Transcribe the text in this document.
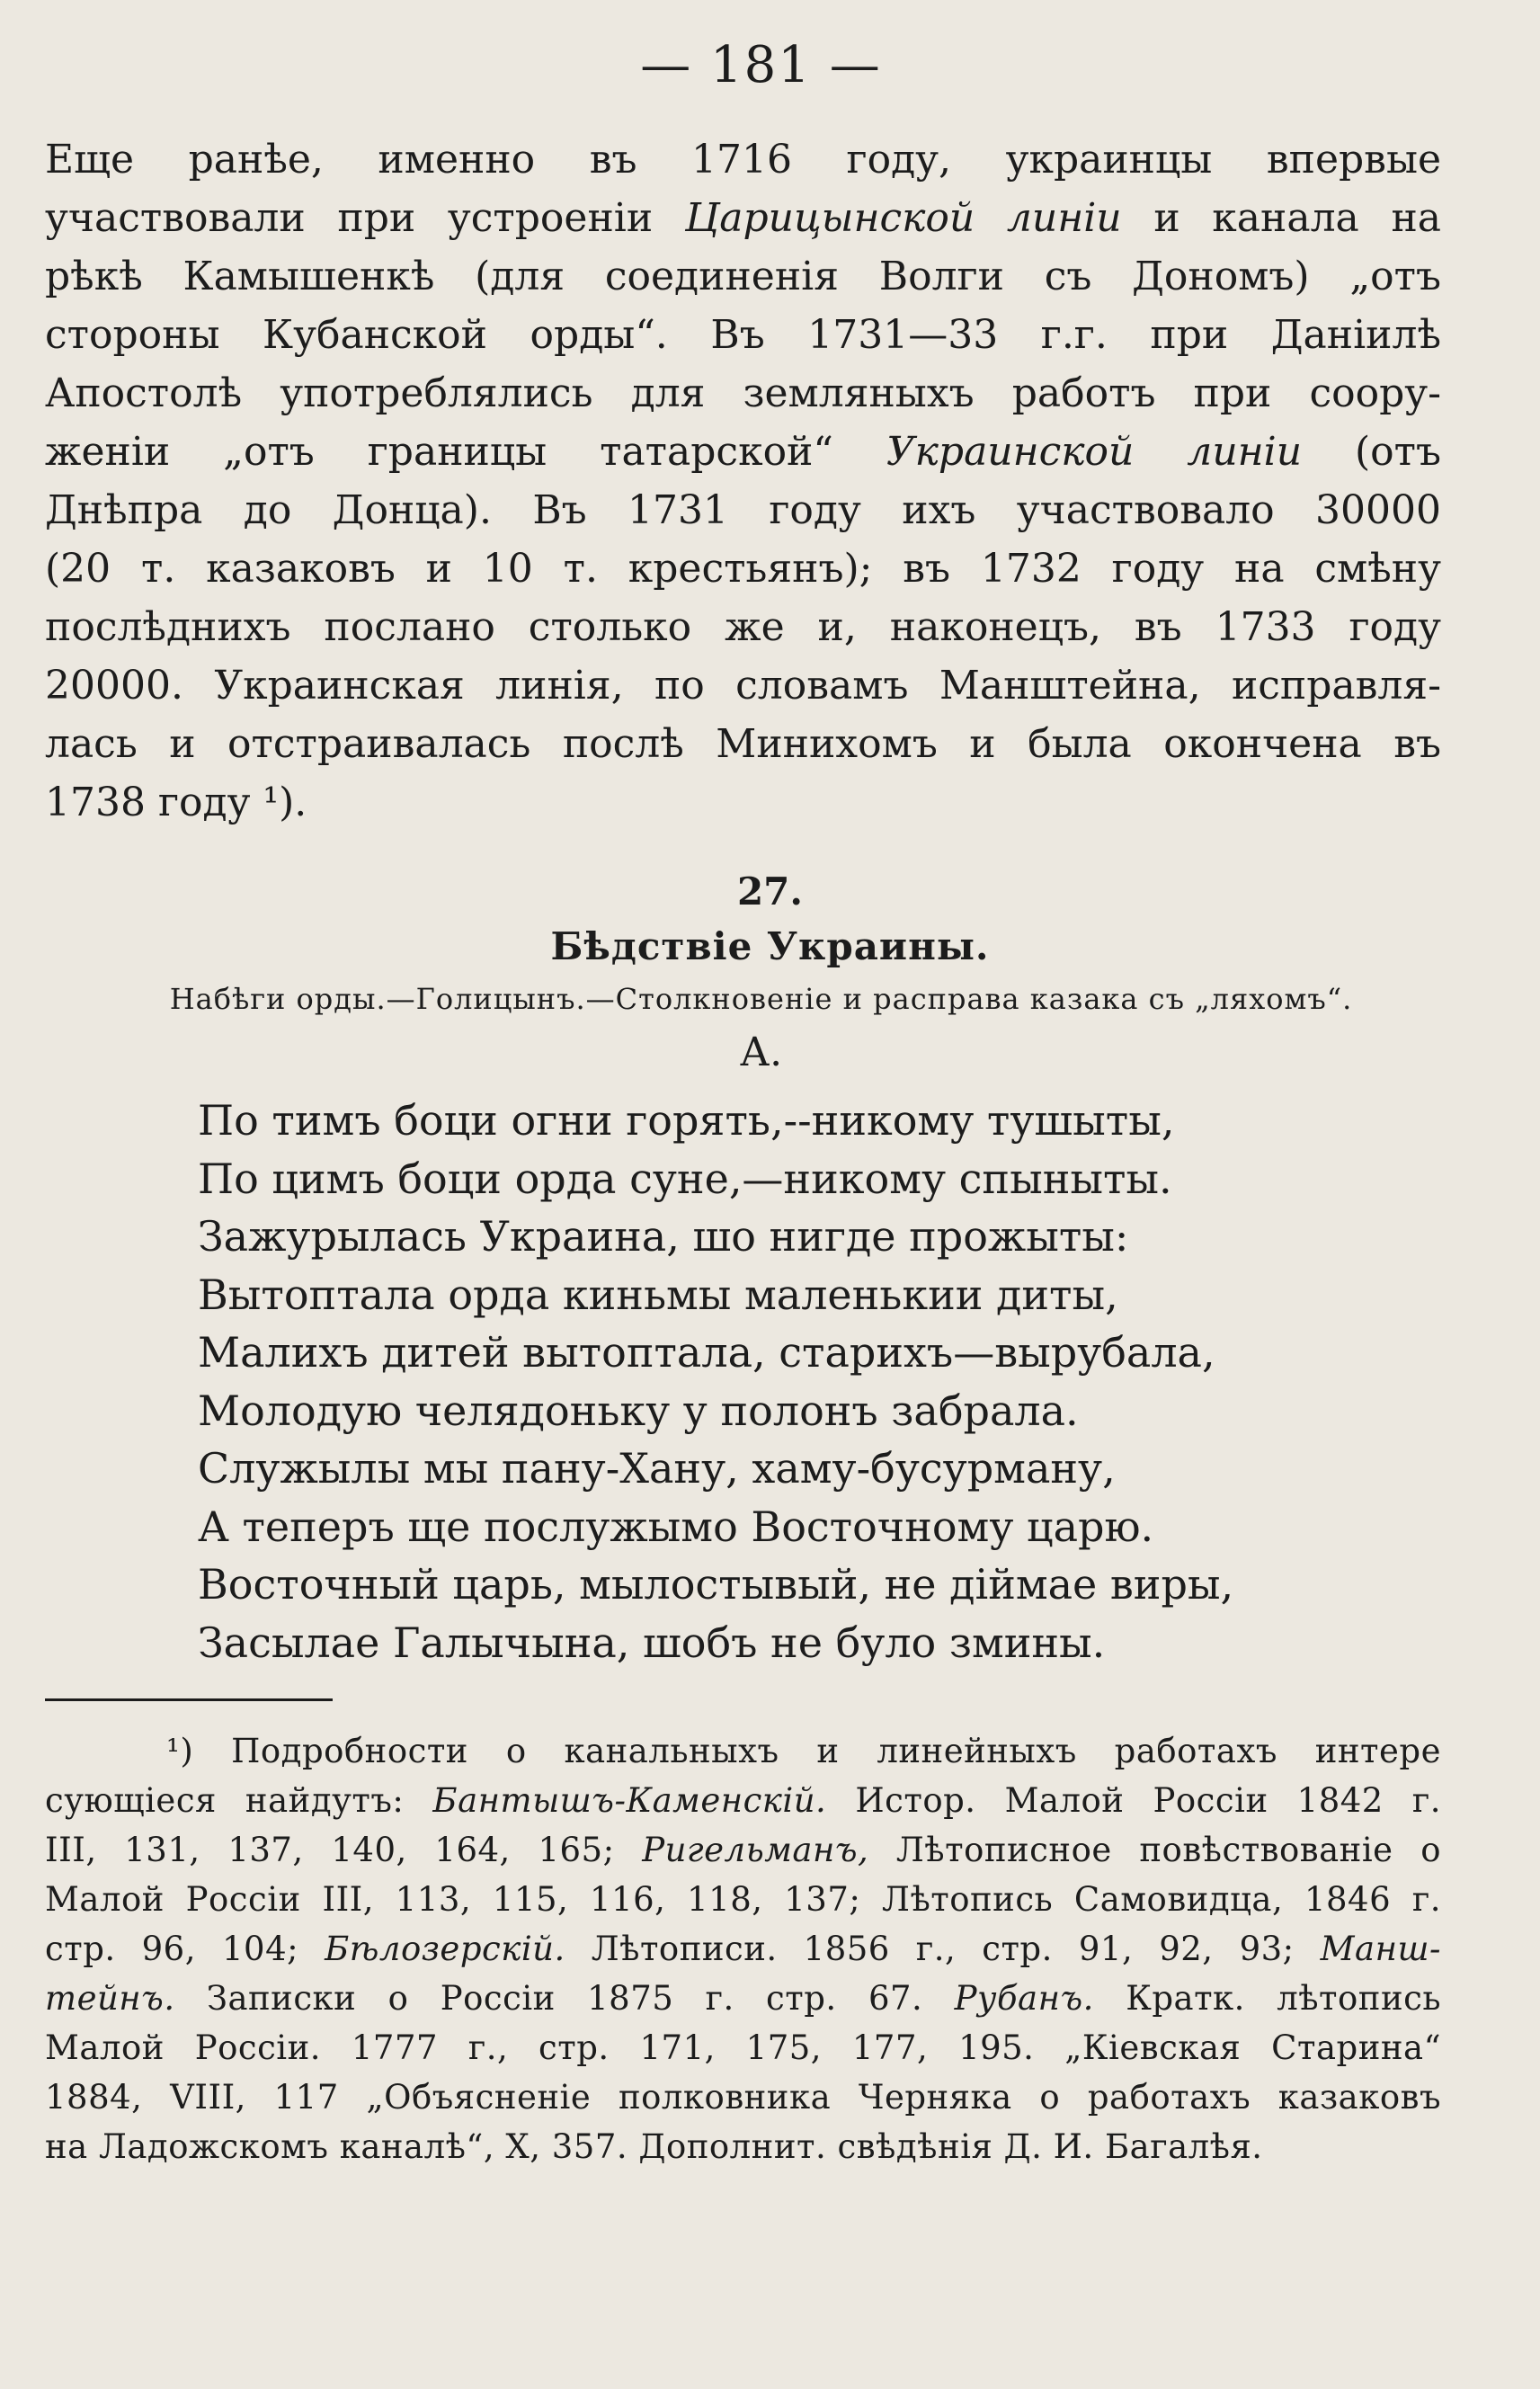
— 181 —

Еще ранѣе, именно въ 1716 году, украинцы впервые
участвовали при устроеніи Царицынской линіи и канала на
рѣкѣ Камышенкѣ (для соединенія Волги съ Дономъ) „отъ
стороны Кубанской орды“. Въ 1731—33 г.г. при Даніилѣ
Апостолѣ употреблялись для земляныхъ работъ при соору-
женіи „отъ границы татарской“ Украинской линіи (отъ
Днѣпра до Донца). Въ 1731 году ихъ участвовало 30000
(20 т. казаковъ и 10 т. крестьянъ); въ 1732 году на смѣну
послѣднихъ послано столько же и, наконецъ, въ 1733 году
20000. Украинская линія, по словамъ Манштейна, исправля-
лась и отстраивалась послѣ Минихомъ и была окончена въ
1738 году ¹).

27.
Бѣдствіе Украины.
Набѣги орды.—Голицынъ.—Столкновеніе и расправа казака съ „ляхомъ“.
А.
По тимъ боци огни горять,--никому тушыты,
По цимъ боци орда суне,—никому спыныты.
Зажурылась Украина, шо нигде прожыты:
Вытоптала орда киньмы маленькии диты,
Малихъ дитей вытоптала, старихъ—вырубала,
Молодую челядоньку у полонъ забрала.
Служылы мы пану-Хану, хаму-бусурману,
А теперъ ще послужымо Восточному царю.
Восточный царь, мылостывый, не діймае виры,
Засылае Галычына, шобъ не було змины.

¹) Подробности о канальныхъ и линейныхъ работахъ интере
сующіеся найдутъ: Бантышъ-Каменскій. Истор. Малой Россіи 1842 г.
III, 131, 137, 140, 164, 165; Ригельманъ, Лѣтописное повѣствованіе о
Малой Россіи III, 113, 115, 116, 118, 137; Лѣтопись Самовидца, 1846 г.
стр. 96, 104; Бѣлозерскій. Лѣтописи. 1856 г., стр. 91, 92, 93; Манш-
тейнъ. Записки о Россіи 1875 г. стр. 67. Рубанъ. Кратк. лѣтопись
Малой Россіи. 1777 г., стр. 171, 175, 177, 195. „Кіевская Старина“
1884, VIII, 117 „Объясненіе полковника Черняка о работахъ казаковъ
на Ладожскомъ каналѣ“, X, 357. Дополнит. свѣдѣнія Д. И. Багалѣя.
